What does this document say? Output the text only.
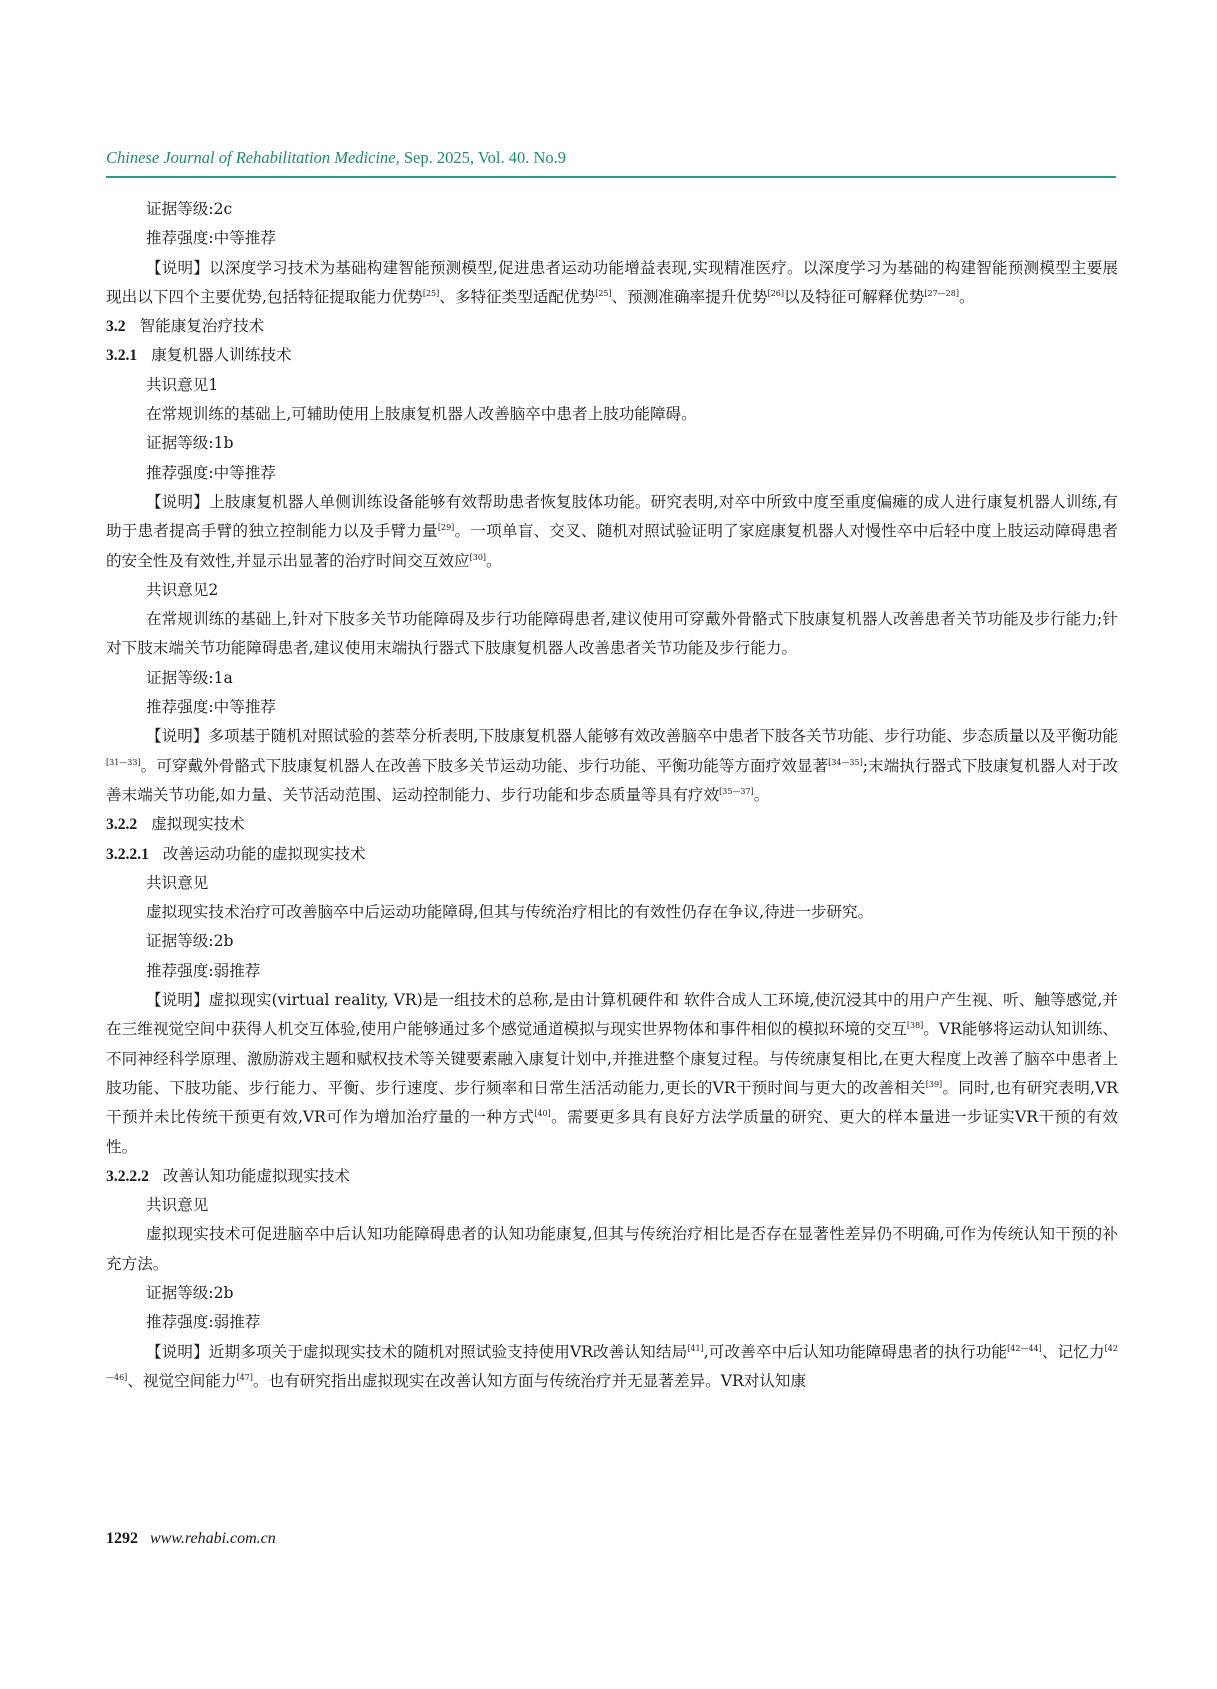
Chinese Journal of Rehabilitation Medicine, Sep. 2025, Vol. 40. No.9

证据等级:2c

推荐强度:中等推荐

【说明】以深度学习技术为基础构建智能预测模型,促进患者运动功能增益表现,实现精准医疗。以深度学习为基础的构建智能预测模型主要展现出以下四个主要优势,包括特征提取能力优势[25]、多特征类型适配优势[25]、预测准确率提升优势[26]以及特征可解释优势[27—28]。

3.2 智能康复治疗技术
3.2.1 康复机器人训练技术

共识意见1

在常规训练的基础上,可辅助使用上肢康复机器人改善脑卒中患者上肢功能障碍。

证据等级:1b

推荐强度:中等推荐

【说明】上肢康复机器人单侧训练设备能够有效帮助患者恢复肢体功能。研究表明,对卒中所致中度至重度偏瘫的成人进行康复机器人训练,有助于患者提高手臂的独立控制能力以及手臂力量[29]。一项单盲、交叉、随机对照试验证明了家庭康复机器人对慢性卒中后轻中度上肢运动障碍患者的安全性及有效性,并显示出显著的治疗时间交互效应[30]。

共识意见2

在常规训练的基础上,针对下肢多关节功能障碍及步行功能障碍患者,建议使用可穿戴外骨骼式下肢康复机器人改善患者关节功能及步行能力;针对下肢末端关节功能障碍患者,建议使用末端执行器式下肢康复机器人改善患者关节功能及步行能力。

证据等级:1a

推荐强度:中等推荐

【说明】多项基于随机对照试验的荟萃分析表明,下肢康复机器人能够有效改善脑卒中患者下肢各关节功能、步行功能、步态质量以及平衡功能[31—33]。可穿戴外骨骼式下肢康复机器人在改善下肢多关节运动功能、步行功能、平衡功能等方面疗效显著[34—35];末端执行器式下肢康复机器人对于改善末端关节功能,如力量、关节活动范围、运动控制能力、步行功能和步态质量等具有疗效[35—37]。

3.2.2 虚拟现实技术
3.2.2.1 改善运动功能的虚拟现实技术

共识意见

虚拟现实技术治疗可改善脑卒中后运动功能障碍,但其与传统治疗相比的有效性仍存在争议,待进一步研究。

证据等级:2b

推荐强度:弱推荐

【说明】虚拟现实(virtual reality, VR)是一组技术的总称,是由计算机硬件和 软件合成人工环境,使沉浸其中的用户产生视、听、触等感觉,并在三维视觉空间中获得人机交互体验,使用户能够通过多个感觉通道模拟与现实世界物体和事件相似的模拟环境的交互[38]。VR能够将运动认知训练、不同神经科学原理、激励游戏主题和赋权技术等关键要素融入康复计划中,并推进整个康复过程。与传统康复相比,在更大程度上改善了脑卒中患者上肢功能、下肢功能、步行能力、平衡、步行速度、步行频率和日常生活活动能力,更长的VR干预时间与更大的改善相关[39]。同时,也有研究表明,VR干预并未比传统干预更有效,VR可作为增加治疗量的一种方式[40]。需要更多具有良好方法学质量的研究、更大的样本量进一步证实VR干预的有效性。

3.2.2.2 改善认知功能虚拟现实技术

共识意见

虚拟现实技术可促进脑卒中后认知功能障碍患者的认知功能康复,但其与传统治疗相比是否存在显著性差异仍不明确,可作为传统认知干预的补充方法。

证据等级:2b

推荐强度:弱推荐

【说明】近期多项关于虚拟现实技术的随机对照试验支持使用VR改善认知结局[41],可改善卒中后认知功能障碍患者的执行功能[42—44]、记忆力[42—46]、视觉空间能力[47]。也有研究指出虚拟现实在改善认知方面与传统治疗并无显著差异。VR对认知康

1292 www.rehabi.com.cn
